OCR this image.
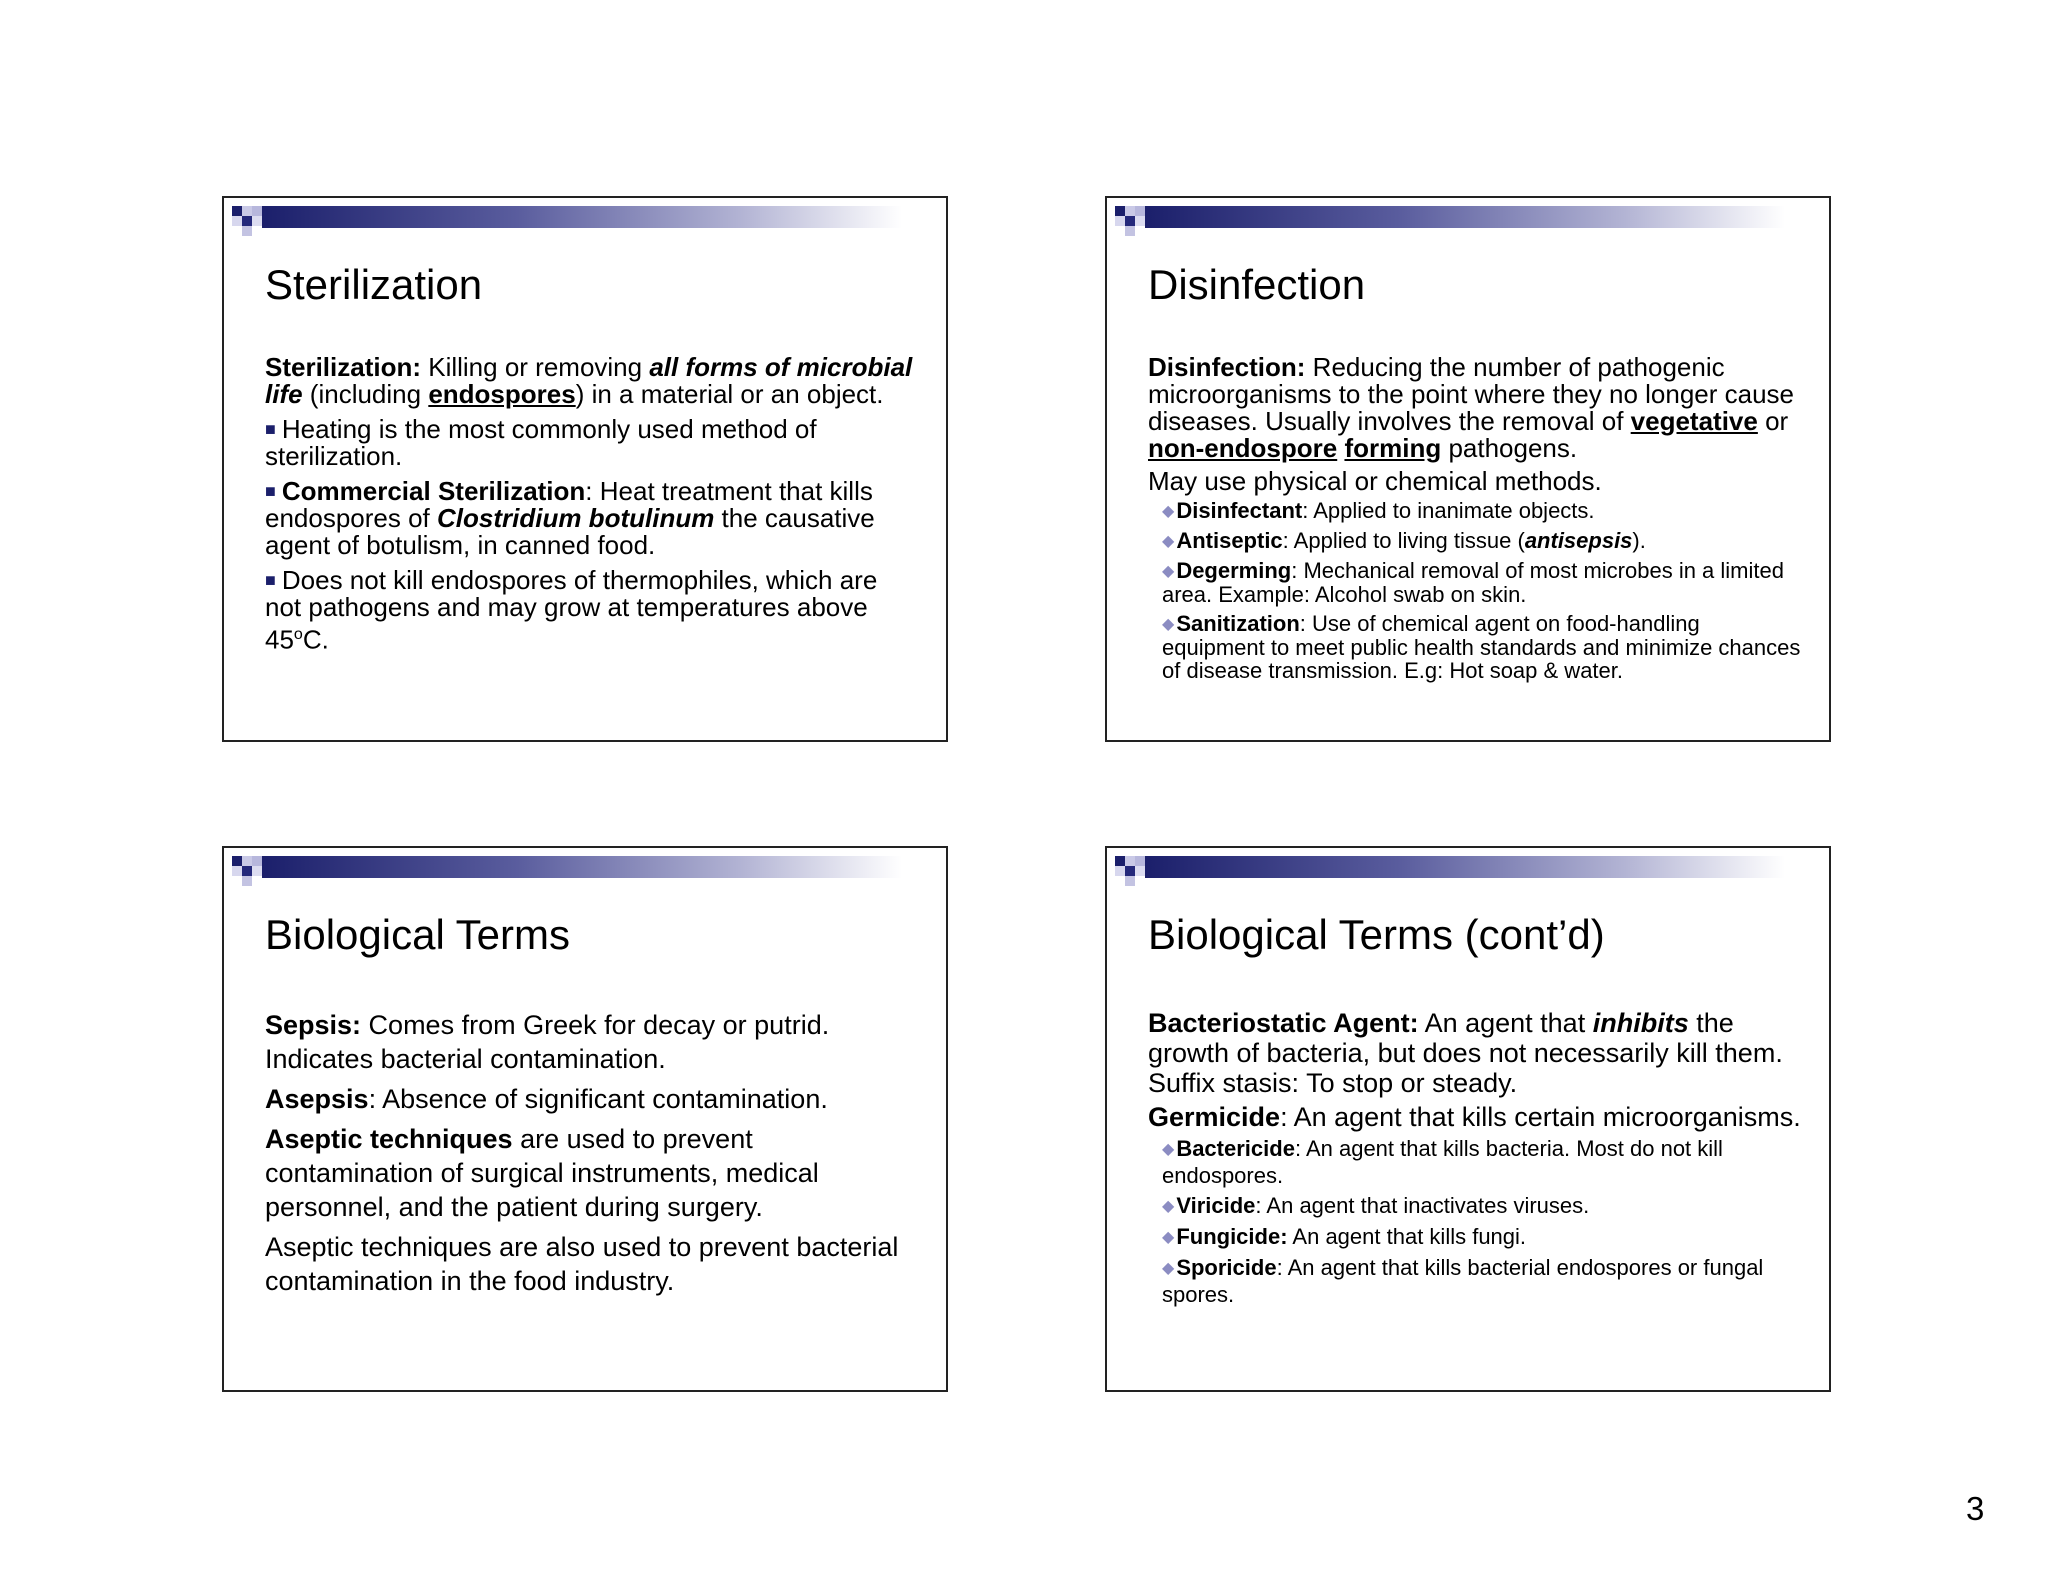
Sterilization
Sterilization: Killing or removing all forms of microbial life (including endospores) in a material or an object.
■ Heating is the most commonly used method of sterilization.
■ Commercial Sterilization: Heat treatment that kills endospores of Clostridium botulinum the causative agent of botulism, in canned food.
■ Does not kill endospores of thermophiles, which are not pathogens and may grow at temperatures above 45$^o$C.
Disinfection
Disinfection: Reducing the number of pathogenic microorganisms to the point where they no longer cause diseases. Usually involves the removal of vegetative or non-endospore forming pathogens.
May use physical or chemical methods.
◆Disinfectant: Applied to inanimate objects.
◆Antiseptic: Applied to living tissue (antisepsis).
◆Degerming: Mechanical removal of most microbes in a limited area. Example: Alcohol swab on skin.
◆Sanitization: Use of chemical agent on food-handling equipment to meet public health standards and minimize chances of disease transmission. E.g: Hot soap & water.
Biological Terms
Sepsis: Comes from Greek for decay or putrid. Indicates bacterial contamination.
Asepsis: Absence of significant contamination.
Aseptic techniques are used to prevent contamination of surgical instruments, medical personnel, and the patient during surgery.
Aseptic techniques are also used to prevent bacterial contamination in the food industry.
Biological Terms (cont’d)
Bacteriostatic Agent: An agent that inhibits the growth of bacteria, but does not necessarily kill them. Suffix stasis: To stop or steady.
Germicide: An agent that kills certain microorganisms.
◆Bactericide: An agent that kills bacteria. Most do not kill endospores.
◆Viricide: An agent that inactivates viruses.
◆Fungicide: An agent that kills fungi.
◆Sporicide: An agent that kills bacterial endospores or fungal spores.
3
